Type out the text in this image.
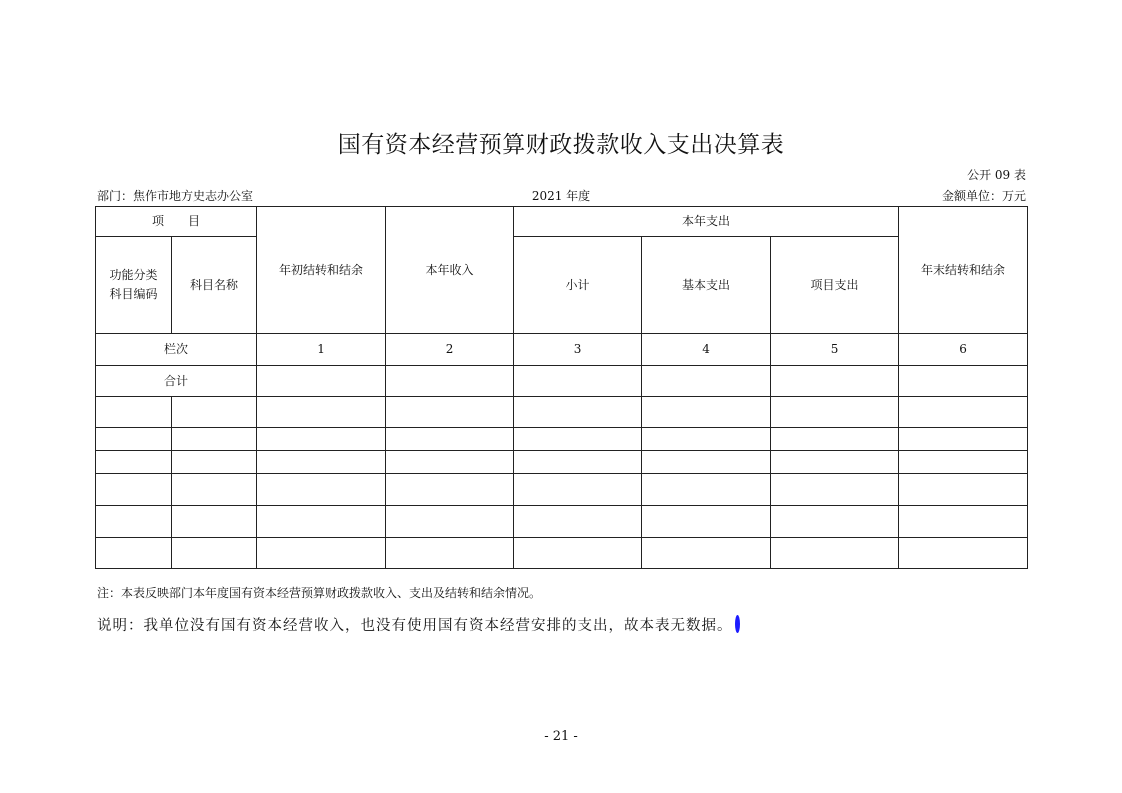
国有资本经营预算财政拨款收入支出决算表
公开 09 表
部门：焦作市地方史志办公室	2021 年度	金额单位：万元
项　　目		年初结转和结余	本年收入	本年支出			年末结转和结余

功能分类科目编码	科目名称			小计	基本支出	项目支出	
栏次		1	2	3	4	5	6
合计							

注：本表反映部门本年度国有资本经营预算财政拨款收入、支出及结转和结余情况。
说明：我单位没有国有资本经营收入，也没有使用国有资本经营安排的支出，故本表无数据。
- 21 -
